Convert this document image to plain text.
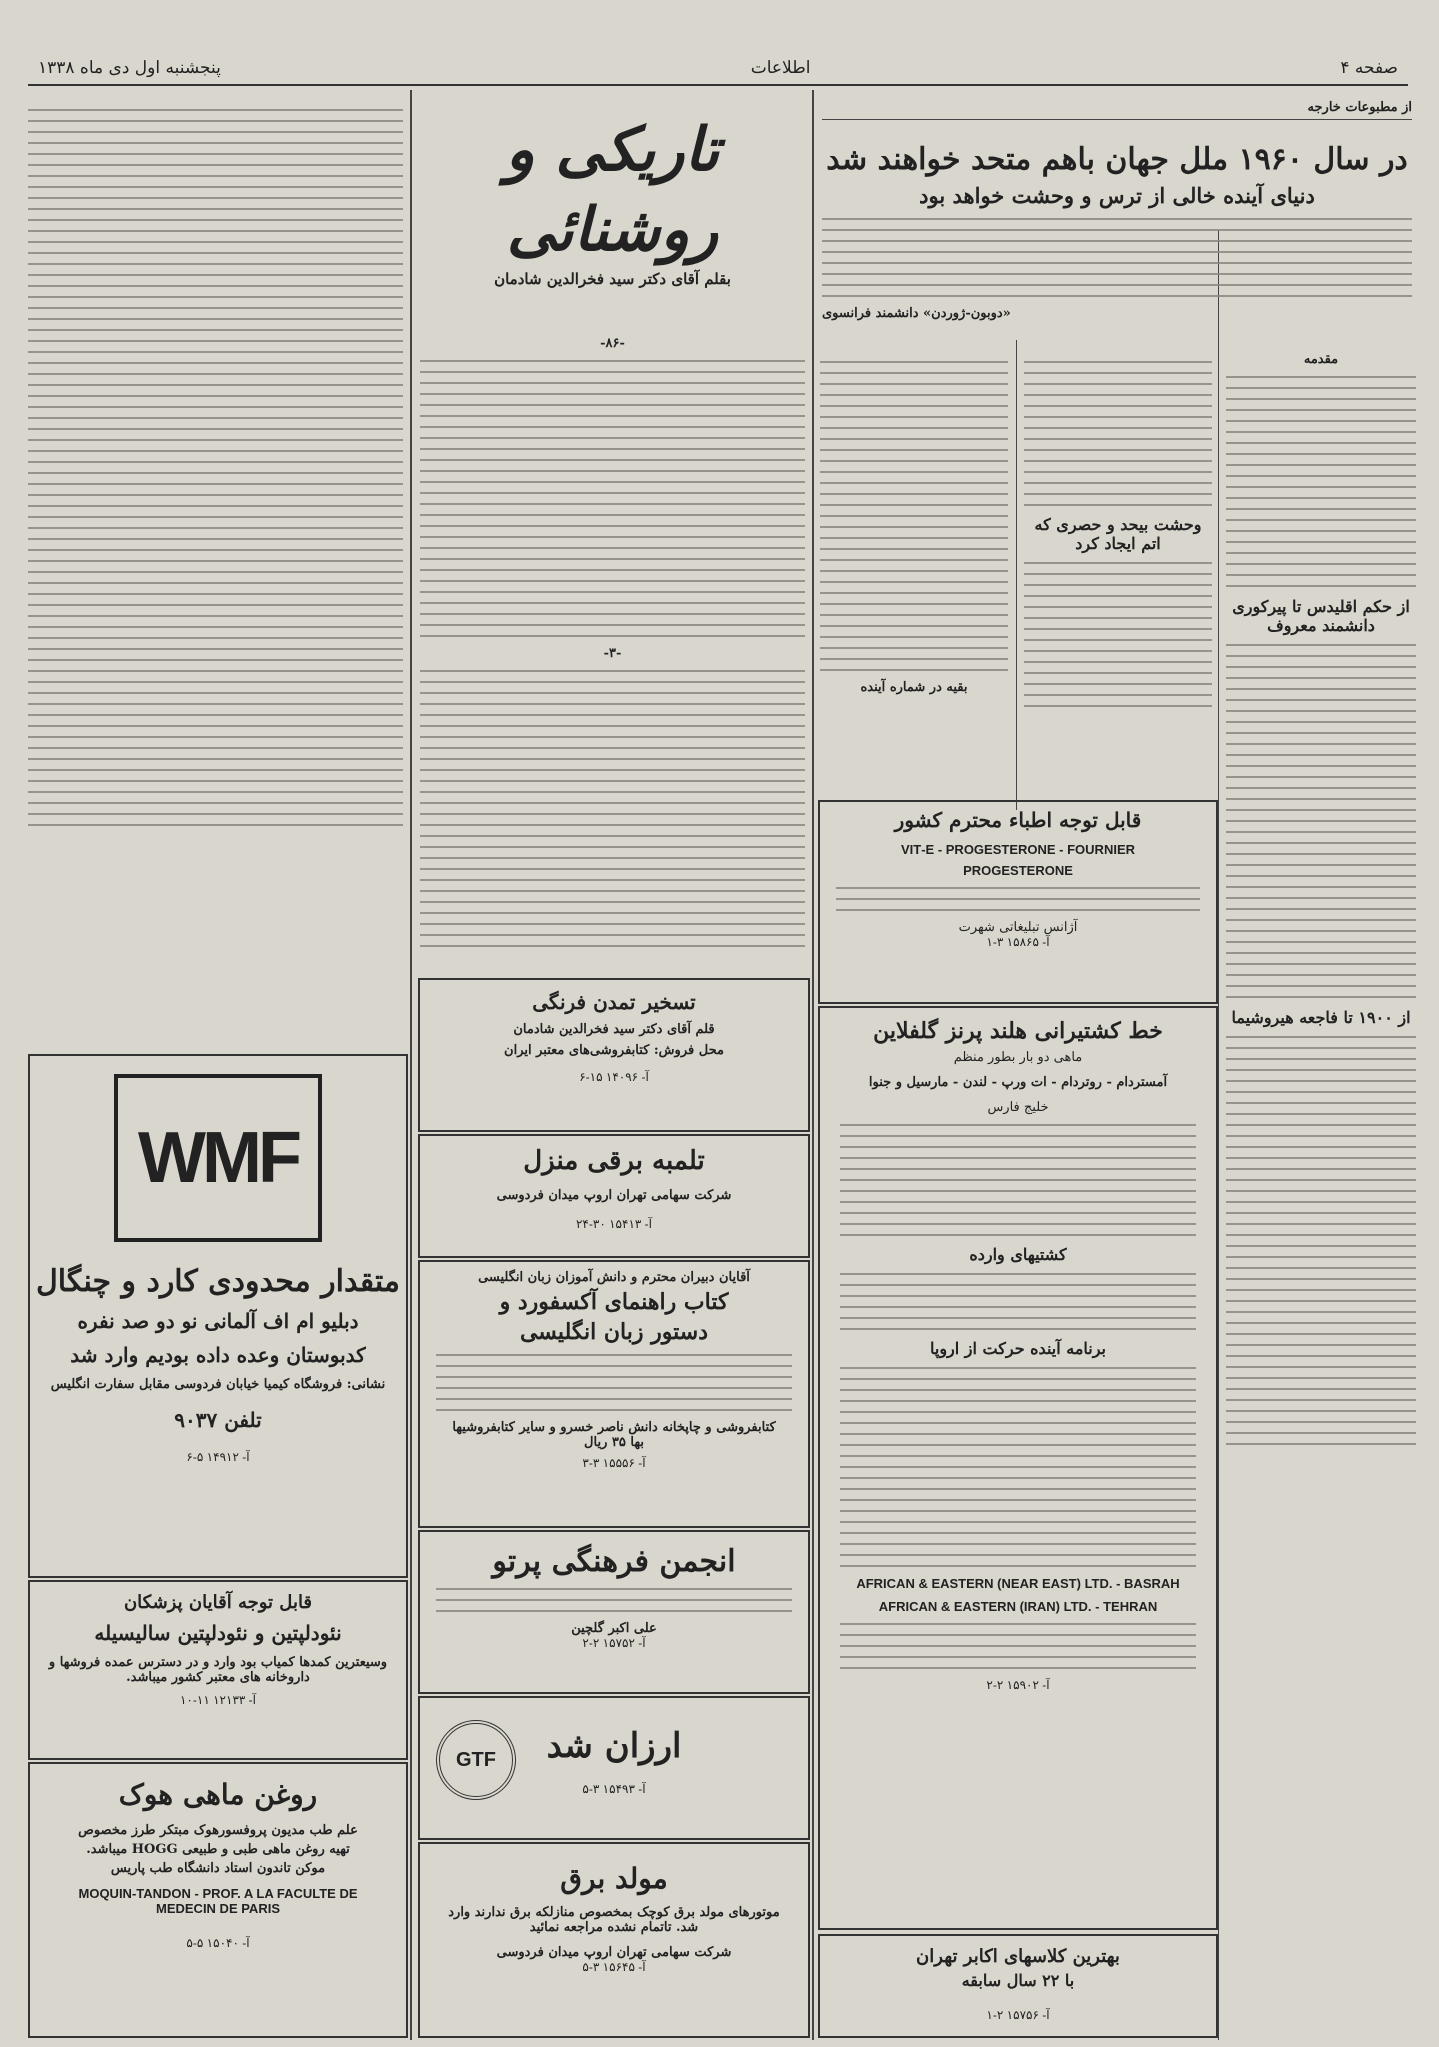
صفحه ۴
اطلاعات
پنجشنبه اول دی ماه ۱۳۳۸
از مطبوعات خارجه
در سال ۱۹۶۰ ملل جهان باهم متحد خواهند شد
دنیای آینده خالی از ترس و وحشت خواهد بود
«دوبون‑ژوردن» دانشمند فرانسوی
مقدمه
از حکم اقلیدس تا پیرکوری دانشمند معروف
از ۱۹۰۰ تا فاجعه هیروشیما
وحشت بیحد و حصری که اتم ایجاد کرد
بقیه در شماره آینده
قابل توجه اطباء محترم کشور
VIT‑E ‑ PROGESTERONE ‑ FOURNIER
PROGESTERONE
آژانس تبلیغاتی شهرت
آ‑ ۱۵۸۶۵ ۳‑۱
خط کشتیرانی هلند پرنز گلفلاین
ماهی دو بار بطور منظم
آمستردام ‑ روتردام ‑ ات ورپ ‑ لندن ‑ مارسیل و جنوا
خلیج فارس
کشتیهای وارده
برنامه آینده حرکت از اروپا
AFRICAN & EASTERN (NEAR EAST) LTD. ‑ BASRAH
AFRICAN & EASTERN (IRAN) LTD. ‑ TEHRAN
آ‑ ۱۵۹۰۲ ۲‑۲
بهترین کلاسهای اکابر تهران
با ۲۲ سال سابقه
آ‑ ۱۵۷۵۶ ۲‑۱
تاریکی و روشنائی
بقلم آقای دکتر سید فخرالدین شادمان
-۸۶-
-۳-
تسخیر تمدن فرنگی
قلم آقای دکتر سید فخرالدین شادمان
محل فروش: کتابفروشی‌های معتبر ایران
آ‑ ۱۴۰۹۶ ۱۵‑۶
تلمبه برقی منزل
شرکت سهامی تهران اروپ میدان فردوسی
آ‑ ۱۵۴۱۳ ۳۰‑۲۴
آقایان دبیران محترم و دانش آموزان زبان انگلیسی
کتاب راهنمای آکسفورد و
دستور زبان انگلیسی
کتابفروشی و چاپخانه دانش ناصر خسرو و سایر کتابفروشیها
بها ۳۵ ریال
آ‑ ۱۵۵۵۶ ۳‑۳
انجمن فرهنگی پرتو
علی اکبر گلچین
آ‑ ۱۵۷۵۲ ۲‑۲
GTF	ارزان شد
آ‑ ۱۵۴۹۳ ۳‑۵
مولد برق
موتورهای مولد برق کوچک بمخصوص منازلکه برق ندارند وارد شد. تاتمام نشده مراجعه نمائید
شرکت سهامی تهران اروپ میدان فردوسی
آ‑ ۱۵۶۴۵ ۳‑۵
WMF
متقدار محدودی کارد و چنگال
دبلیو ام اف آلمانی نو دو صد نفره
کدبوستان وعده داده بودیم وارد شد
نشانی: فروشگاه کیمیا خیابان فردوسی مقابل سفارت انگلیس
تلفن ۹۰۳۷
آ‑ ۱۴۹۱۲ ۵‑۶
قابل توجه آقایان پزشکان
نئودلپتین و نئودلپتین سالیسیله
وسیعترین کمدها کمیاب بود وارد و در دسترس عمده فروشها و داروخانه های معتبر کشور میباشد.
آ‑ ۱۲۱۳۳ ۱۱‑۱۰
روغن ماهی هوک
علم طب مدیون پروفسورهوک مبتکر طرز مخصوص
تهیه روغن ماهی طبی و طبیعی HOGG میباشد.
موکن تاندون استاد دانشگاه طب پاریس
MOQUIN‑TANDON ‑ PROF. A LA FACULTE DE
MEDECIN DE PARIS
آ‑ ۱۵۰۴۰ ۵‑۵
